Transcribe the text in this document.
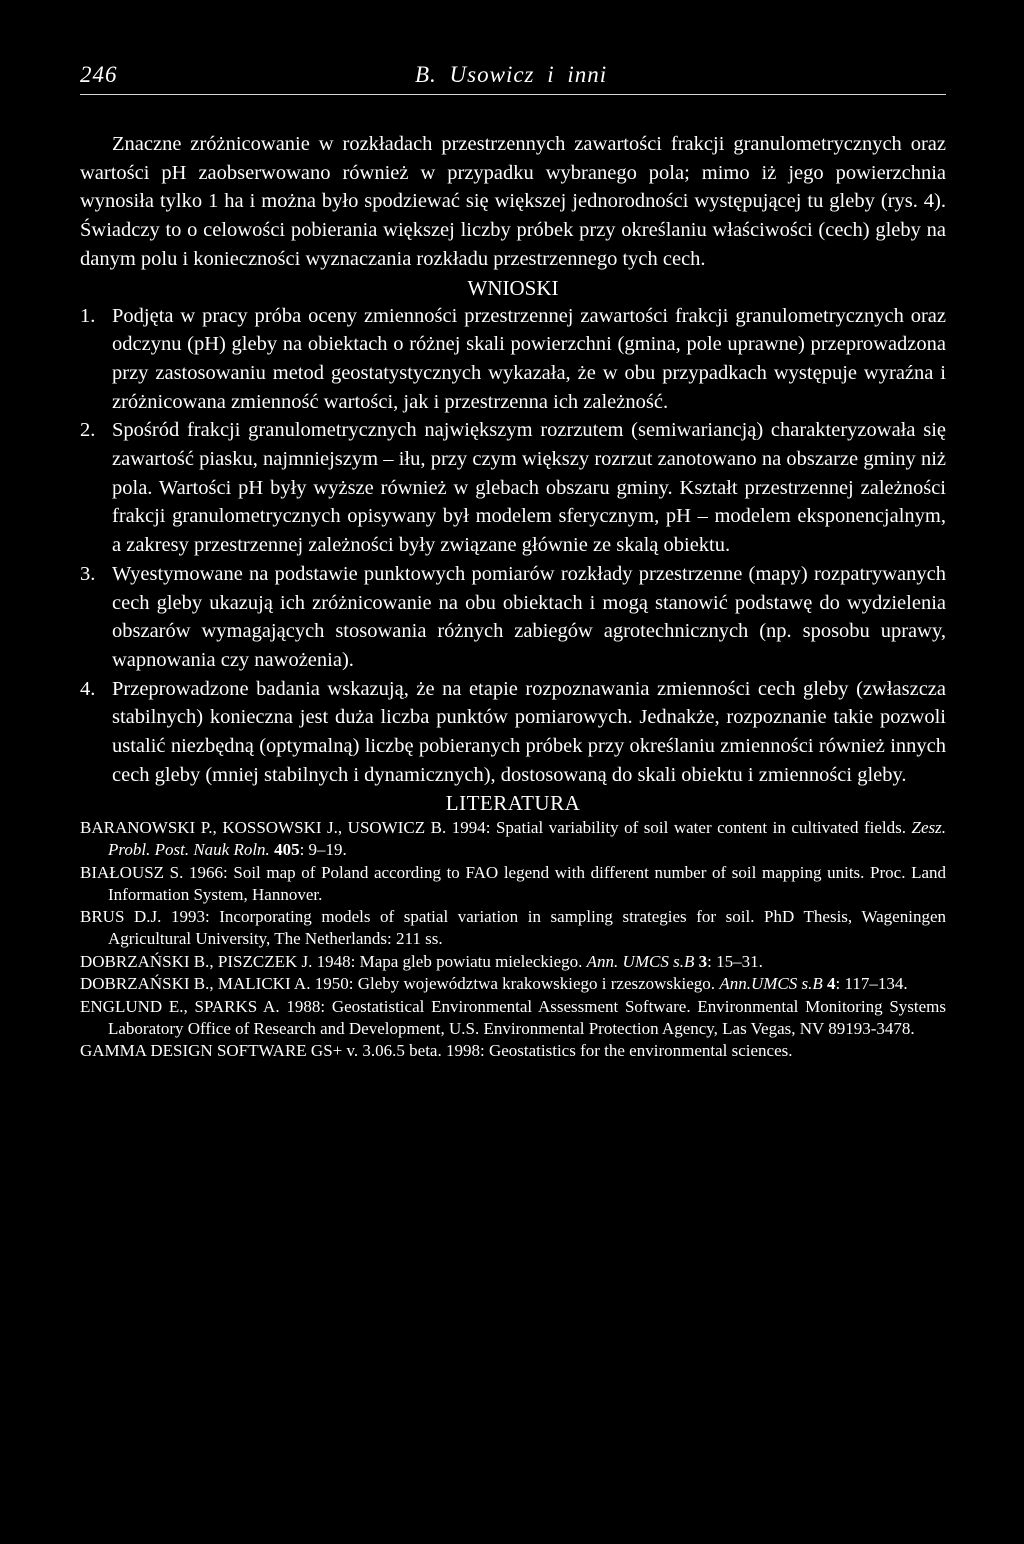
246	B. Usowicz i inni

Znaczne zróżnicowanie w rozkładach przestrzennych zawartości frakcji granulometrycznych oraz wartości pH zaobserwowano również w przypadku wybranego pola; mimo iż jego powierzchnia wynosiła tylko 1 ha i można było spodziewać się większej jednorodności występującej tu gleby (rys. 4). Świadczy to o celowości pobierania większej liczby próbek przy określaniu właściwości (cech) gleby na danym polu i konieczności wyznaczania rozkładu przestrzennego tych cech.

WNIOSKI
1. Podjęta w pracy próba oceny zmienności przestrzennej zawartości frakcji granulometrycznych oraz odczynu (pH) gleby na obiektach o różnej skali powierzchni (gmina, pole uprawne) przeprowadzona przy zastosowaniu metod geostatystycznych wykazała, że w obu przypadkach występuje wyraźna i zróżnicowana zmienność wartości, jak i przestrzenna ich zależność.
2. Spośród frakcji granulometrycznych największym rozrzutem (semiwariancją) charakteryzowała się zawartość piasku, najmniejszym – iłu, przy czym większy rozrzut zanotowano na obszarze gminy niż pola. Wartości pH były wyższe również w glebach obszaru gminy. Kształt przestrzennej zależności frakcji granulometrycznych opisywany był modelem sferycznym, pH – modelem eksponencjalnym, a zakresy przestrzennej zależności były związane głównie ze skalą obiektu.
3. Wyestymowane na podstawie punktowych pomiarów rozkłady przestrzenne (mapy) rozpatrywanych cech gleby ukazują ich zróżnicowanie na obu obiektach i mogą stanowić podstawę do wydzielenia obszarów wymagających stosowania różnych zabiegów agrotechnicznych (np. sposobu uprawy, wapnowania czy nawożenia).
4. Przeprowadzone badania wskazują, że na etapie rozpoznawania zmienności cech gleby (zwłaszcza stabilnych) konieczna jest duża liczba punktów pomiarowych. Jednakże, rozpoznanie takie pozwoli ustalić niezbędną (optymalną) liczbę pobieranych próbek przy określaniu zmienności również innych cech gleby (mniej stabilnych i dynamicznych), dostosowaną do skali obiektu i zmienności gleby.
LITERATURA

BARANOWSKI P., KOSSOWSKI J., USOWICZ B. 1994: Spatial variability of soil water content in cultivated fields. Zesz. Probl. Post. Nauk Roln. 405: 9–19.

BIAŁOUSZ S. 1966: Soil map of Poland according to FAO legend with different number of soil mapping units. Proc. Land Information System, Hannover.

BRUS D.J. 1993: Incorporating models of spatial variation in sampling strategies for soil. PhD Thesis, Wageningen Agricultural University, The Netherlands: 211 ss.

DOBRZAŃSKI B., PISZCZEK J. 1948: Mapa gleb powiatu mieleckiego. Ann. UMCS s.B 3: 15–31.

DOBRZAŃSKI B., MALICKI A. 1950: Gleby województwa krakowskiego i rzeszowskiego. Ann.UMCS s.B 4: 117–134.

ENGLUND E., SPARKS A. 1988: Geostatistical Environmental Assessment Software. Environmental Monitoring Systems Laboratory Office of Research and Development, U.S. Environmental Protection Agency, Las Vegas, NV 89193-3478.

GAMMA DESIGN SOFTWARE GS+ v. 3.06.5 beta. 1998: Geostatistics for the environmental sciences.
